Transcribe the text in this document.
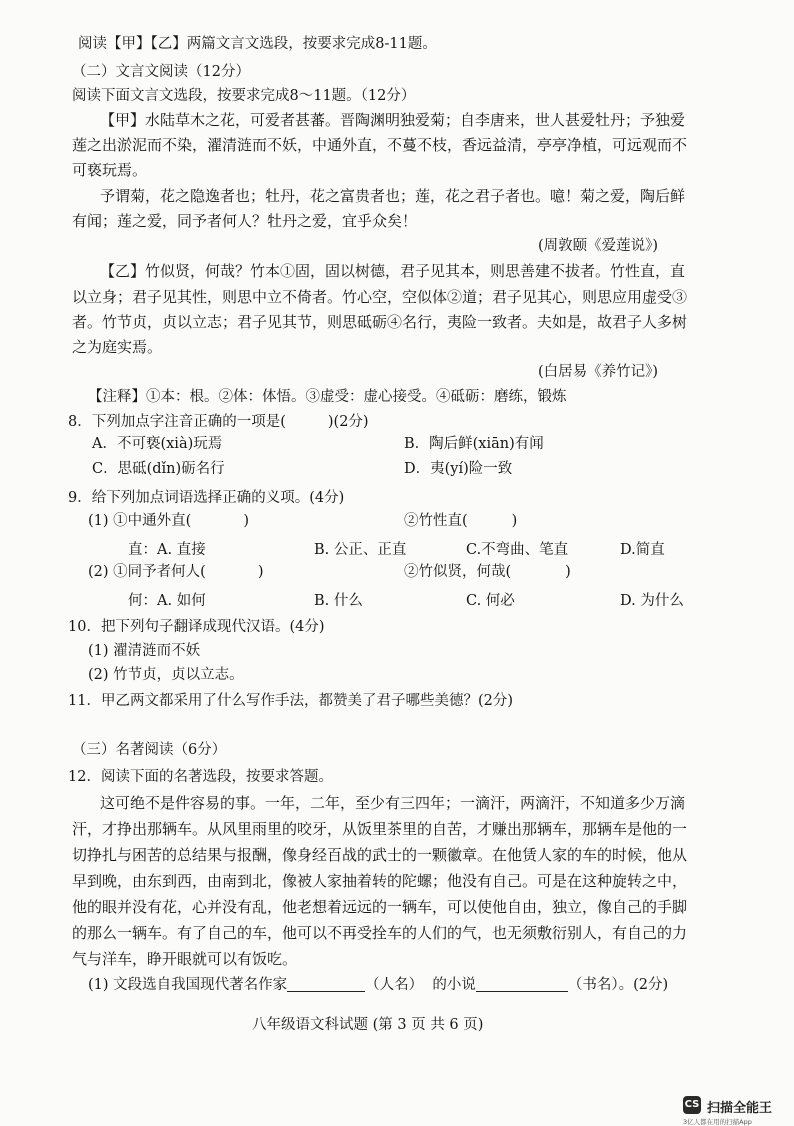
阅读【甲】【乙】两篇文言文选段，按要求完成8-11题。
（二）文言文阅读（12分）
阅读下面文言文选段，按要求完成8～11题。（12分）
【甲】水陆草木之花，可爱者甚蕃。晋陶渊明独爱菊；自李唐来，世人甚爱牡丹；予独爱
莲之出淤泥而不染，濯清涟而不妖，中通外直，不蔓不枝，香远益清，亭亭净植，可远观而不
可亵玩焉。
予谓菊，花之隐逸者也；牡丹，花之富贵者也；莲，花之君子者也。噫！菊之爱，陶后鲜
有闻；莲之爱，同予者何人？牡丹之爱，宜乎众矣！
(周敦颐《爱莲说》)
【乙】竹似贤，何哉？竹本①固，固以树德，君子见其本，则思善建不拔者。竹性直，直
以立身；君子见其性，则思中立不倚者。竹心空，空似体②道；君子见其心，则思应用虚受③
者。竹节贞，贞以立志；君子见其节，则思砥砺④名行，夷险一致者。夫如是，故君子人多树
之为庭实焉。
(白居易《养竹记》)
【注释】①本：根。②体：体悟。③虚受：虚心接受。④砥砺：磨练，锻炼
8．下列加点字注音正确的一项是(	)(2分)
A．不可亵(xià)玩焉	B．陶后鲜(xiān)有闻
C．思砥(dǐn)砺名行	D．夷(yí)险一致
9．给下列加点词语选择正确的义项。(4分)
(1) ①中通外直(	)	②竹性直(	)
直：A. 直接	B. 公正、正直	C.不弯曲、笔直	D.简直
(2) ①同予者何人(	)	②竹似贤，何哉(	)
何：A. 如何	B. 什么	C. 何必	D. 为什么
10．把下列句子翻译成现代汉语。(4分)
(1) 濯清涟而不妖
(2) 竹节贞，贞以立志。
11．甲乙两文都采用了什么写作手法，都赞美了君子哪些美德？(2分)
（三）名著阅读（6分）
12．阅读下面的名著选段，按要求答题。
这可绝不是件容易的事。一年，二年，至少有三四年；一滴汗，两滴汗，不知道多少万滴
汗，才挣出那辆车。从风里雨里的咬牙，从饭里茶里的自苦，才赚出那辆车，那辆车是他的一
切挣扎与困苦的总结果与报酬，像身经百战的武士的一颗徽章。在他赁人家的车的时候，他从
早到晚，由东到西，由南到北，像被人家抽着转的陀螺；他没有自己。可是在这种旋转之中，
他的眼并没有花，心并没有乱，他老想着远远的一辆车，可以使他自由，独立，像自己的手脚
的那么一辆车。有了自己的车，他可以不再受拴车的人们的气，也无须敷衍别人，有自己的力
气与洋车，睁开眼就可以有饭吃。
(1) 文段选自我国现代著名作家	（人名） 的小说	（书名）。(2分)
八年级语文科试题 (第 3 页 共 6 页)
CS 扫描全能王
3亿人都在用的扫描App
